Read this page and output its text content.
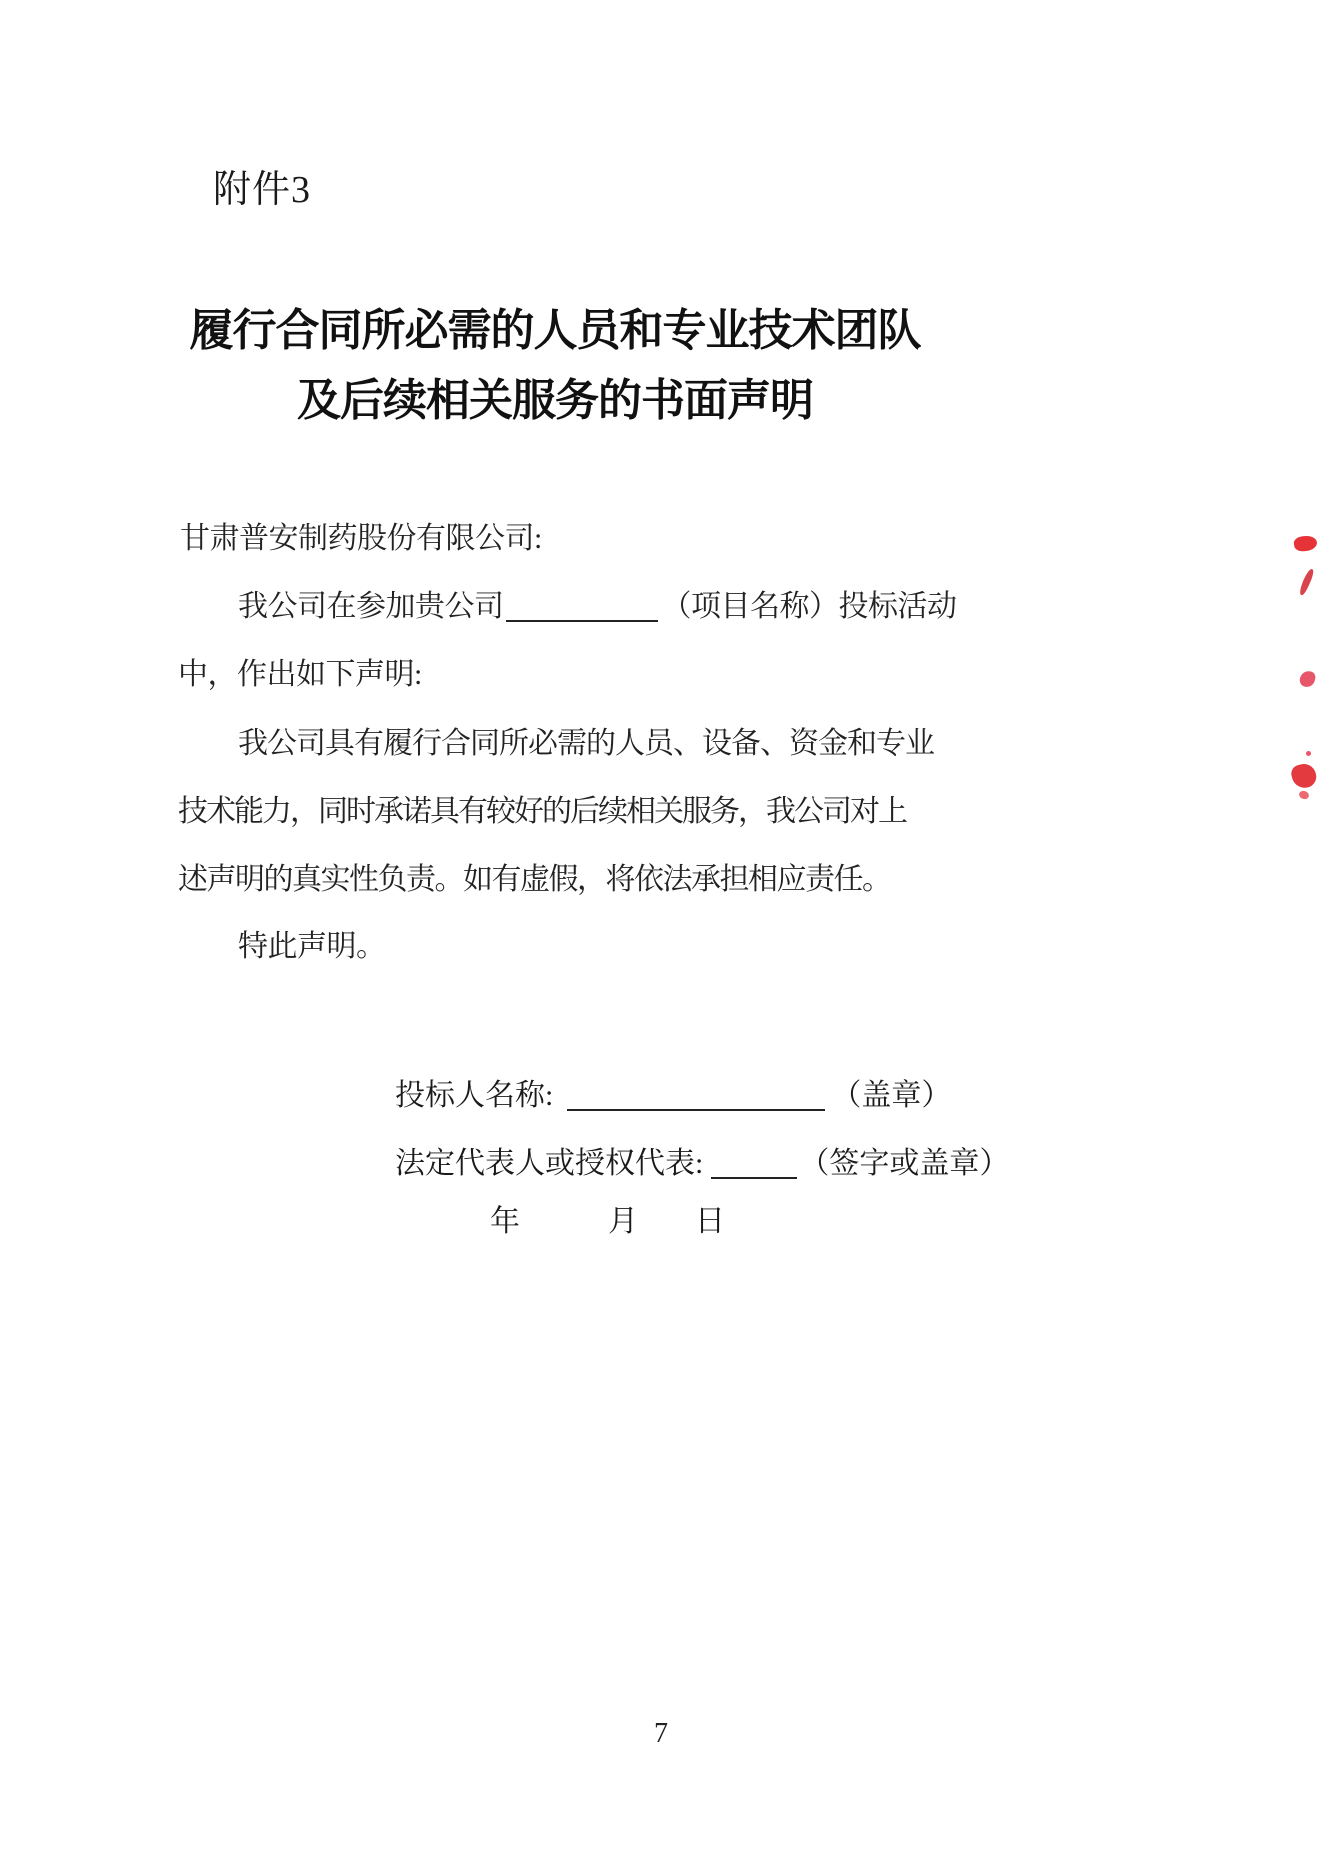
附件3
履行合同所必需的人员和专业技术团队
及后续相关服务的书面声明
甘肃普安制药股份有限公司:
我公司在参加贵公司	（项目名称）投标活动
中，作出如下声明:
我公司具有履行合同所必需的人员、设备、资金和专业
技术能力，同时承诺具有较好的后续相关服务，我公司对上
述声明的真实性负责。如有虚假，将依法承担相应责任。
特此声明。
投标人名称:	（盖章）
法定代表人或授权代表:	（签字或盖章）
年	月 日
7
